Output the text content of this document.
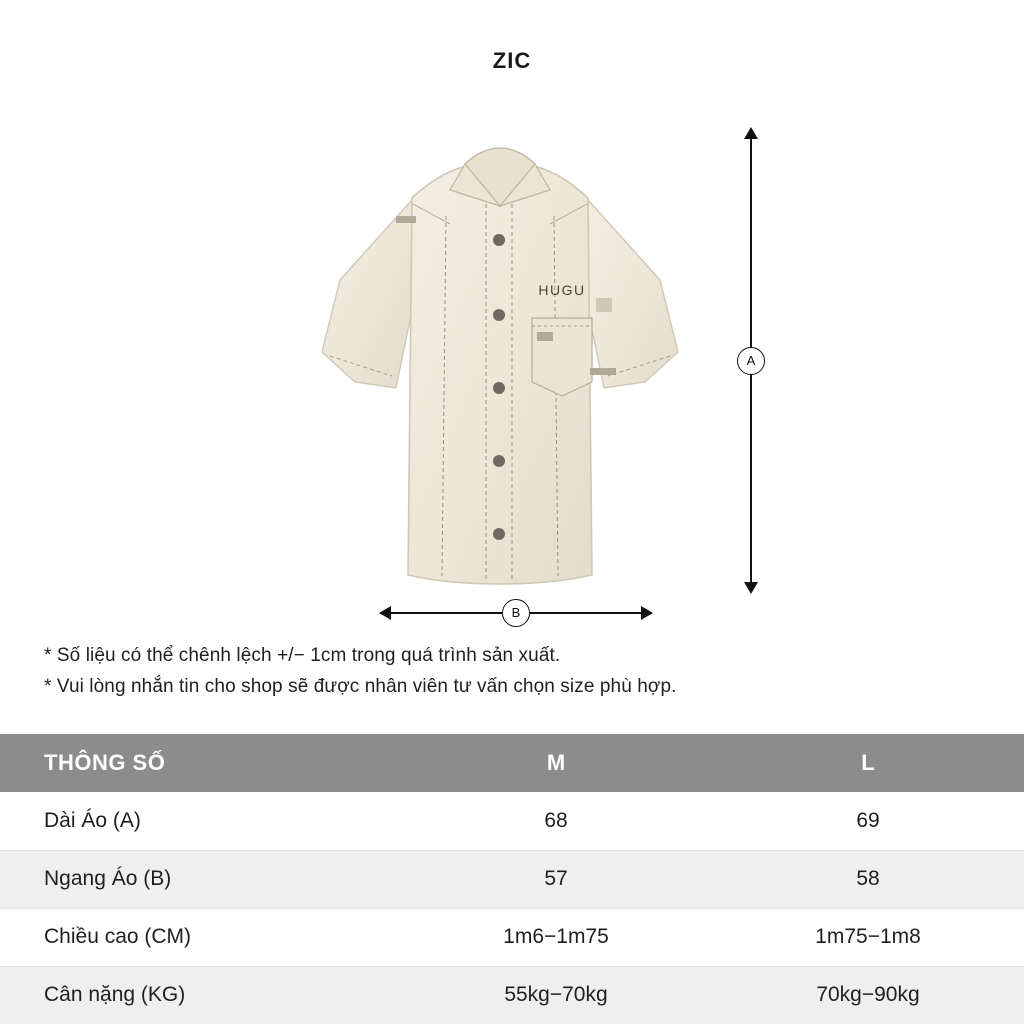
ZIC
HUGU
A
B

* Số liệu có thể chênh lệch +/− 1cm trong quá trình sản xuất.

* Vui lòng nhắn tin cho shop sẽ được nhân viên tư vấn chọn size phù hợp.

THÔNG SỐ	M	L
Dài Áo (A)	68	69
Ngang Áo (B)	57	58
Chiều cao (CM)	1m6−1m75	1m75−1m8
Cân nặng (KG)	55kg−70kg	70kg−90kg
